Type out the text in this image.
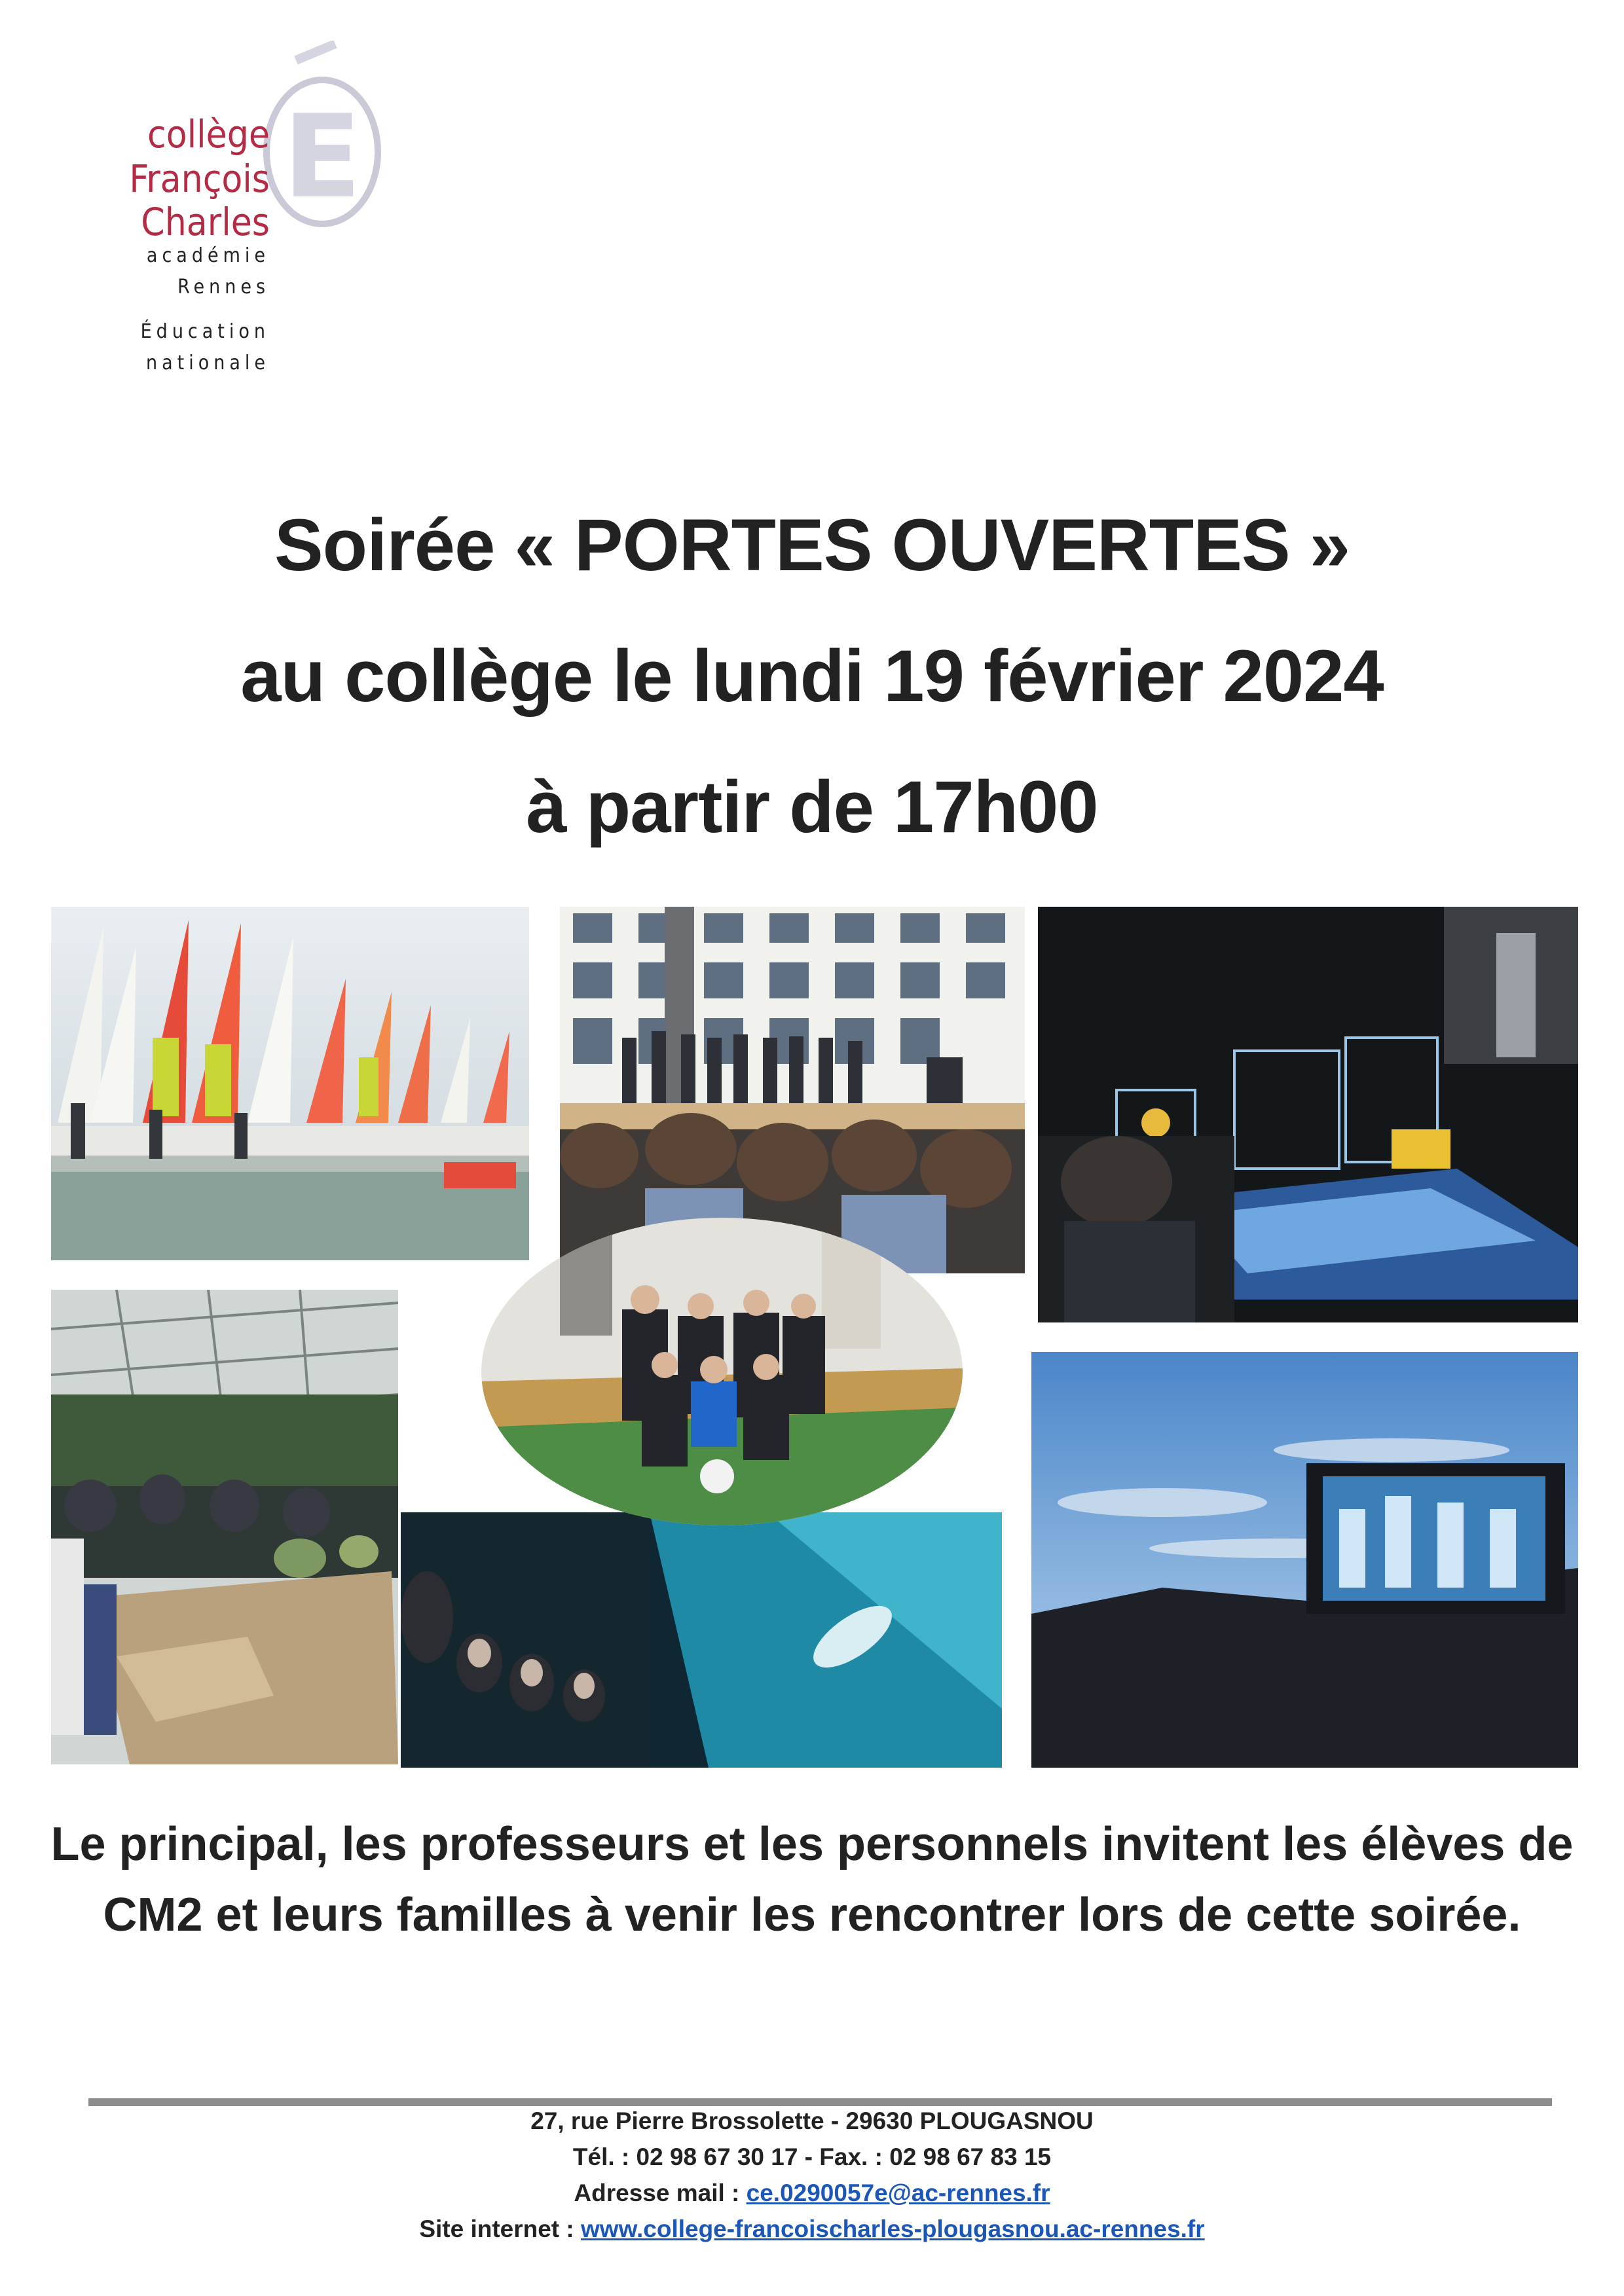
E
collège
François Charles
académie
Rennes
Éducation
nationale
Soirée « PORTES OUVERTES »
au collège le lundi 19 février 2024
à partir de 17h00
Le principal, les professeurs et les personnels invitent les élèves de
CM2 et leurs familles à venir les rencontrer lors de cette soirée.
27, rue Pierre Brossolette - 29630 PLOUGASNOU
Tél. : 02 98 67 30 17 - Fax. : 02 98 67 83 15
Adresse mail : ce.0290057e@ac-rennes.fr
Site internet : www.college-francoischarles-plougasnou.ac-rennes.fr
